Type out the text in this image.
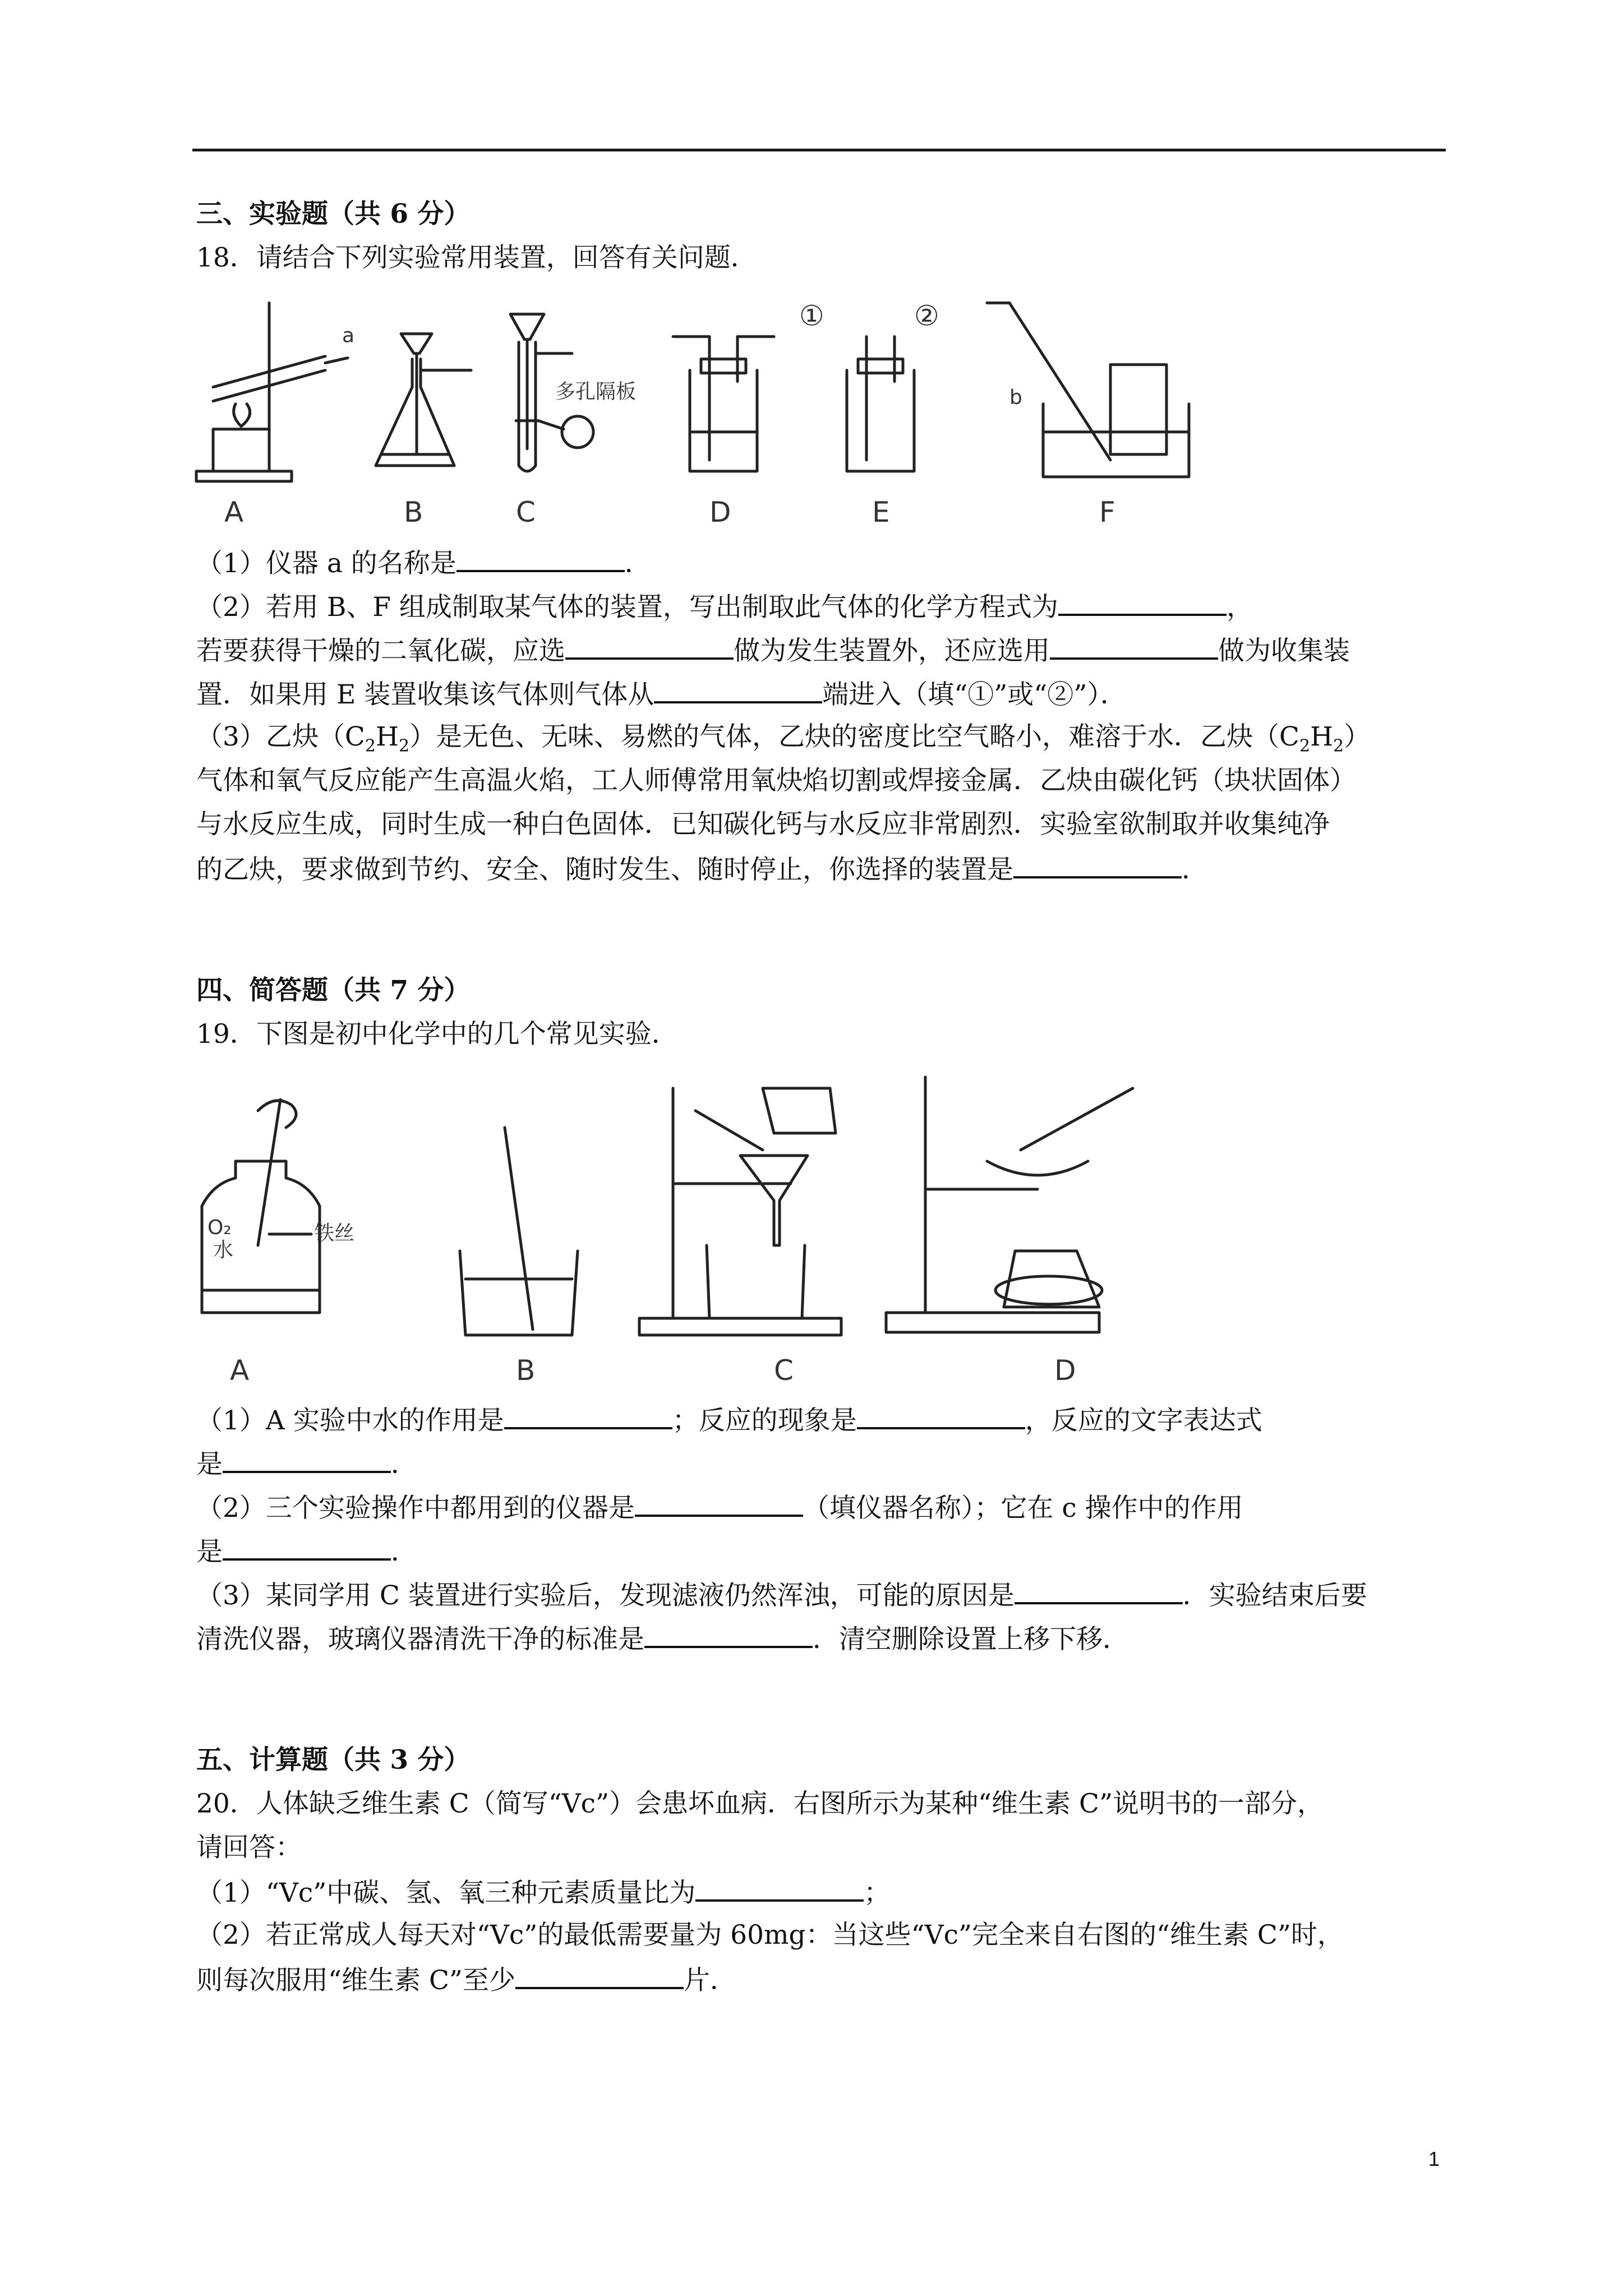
三、实验题（共 6 分）
18．请结合下列实验常用装置，回答有关问题．
a
多孔隔板
①	②
b
A	B	C	D	E	F
（1）仪器 a 的名称是	．
（2）若用 B、F 组成制取某气体的装置，写出制取此气体的化学方程式为	，
若要获得干燥的二氧化碳，应选	做为发生装置外，还应选用	做为收集装
置．如果用 E 装置收集该气体则气体从	端进入（填“①”或“②”）．
（3）乙炔$(C_2H_2)$是无色、无味、易燃的气体，乙炔的密度比空气略小，难溶于水．乙炔$(C_2H_2)$
气体和氧气反应能产生高温火焰，工人师傅常用氧炔焰切割或焊接金属．乙炔由碳化钙（块状固体）
与水反应生成，同时生成一种白色固体．已知碳化钙与水反应非常剧烈．实验室欲制取并收集纯净
的乙炔，要求做到节约、安全、随时发生、随时停止，你选择的装置是	．
四、简答题（共 7 分）
19．下图是初中化学中的几个常见实验．
O₂
水
铁丝
A	B	C	D
（1）A 实验中水的作用是	；反应的现象是	，反应的文字表达式
是	．
（2）三个实验操作中都用到的仪器是	（填仪器名称）；它在 c 操作中的作用
是	．
（3）某同学用 C 装置进行实验后，发现滤液仍然浑浊，可能的原因是	．实验结束后要
清洗仪器，玻璃仪器清洗干净的标准是	．清空删除设置上移下移．
五、计算题（共 3 分）
20．人体缺乏维生素 C（简写“Vc”）会患坏血病．右图所示为某种“维生素 C”说明书的一部分，
请回答：
（1）“Vc”中碳、氢、氧三种元素质量比为	；
（2）若正常成人每天对“Vc”的最低需要量为 60mg：当这些“Vc”完全来自右图的“维生素 C”时，
则每次服用“维生素 C”至少	片．
1
